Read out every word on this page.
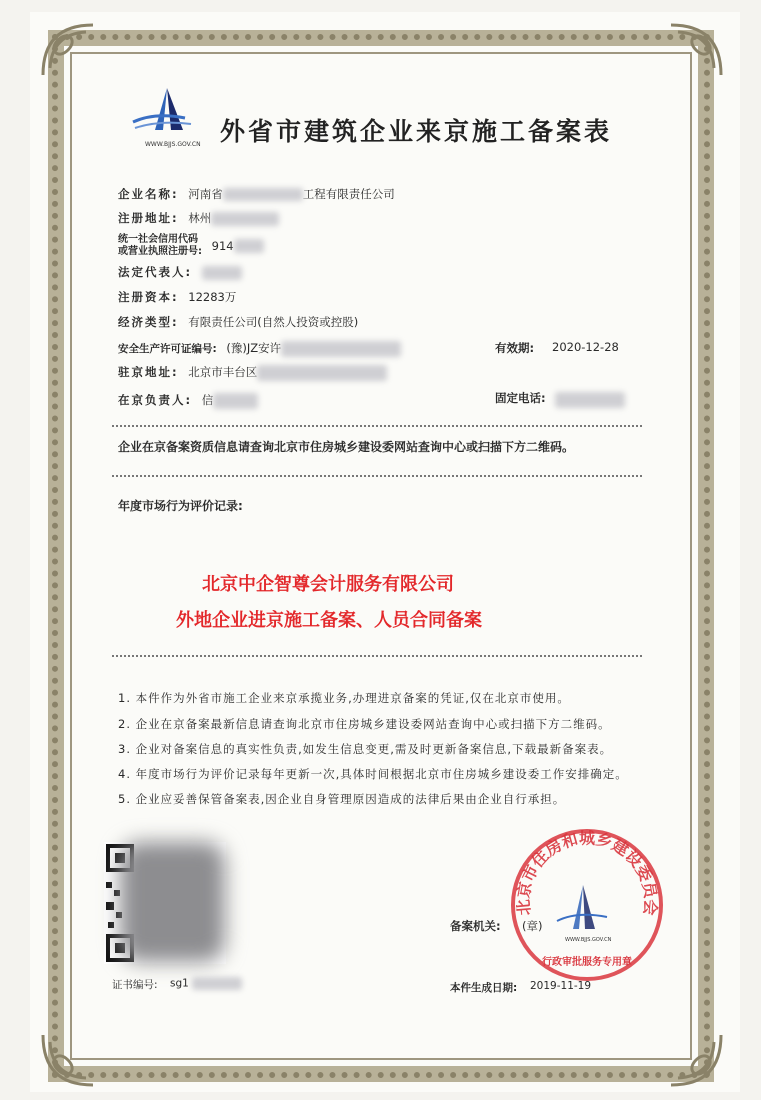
WWW.BJJS.GOV.CN 外省市建筑企业来京施工备案表
企业名称: 河南省	工程有限责任公司
注册地址: 林州
统一社会信用代码
或营业执照注册号: 914
法定代表人:
注册资本: 12283万
经济类型: 有限责任公司(自然人投资或控股)
安全生产许可证编号: (豫)JZ安许	有效期: 2020-12-28
驻京地址: 北京市丰台区
在京负责人: 信	固定电话:
企业在京备案资质信息请查询北京市住房城乡建设委网站查询中心或扫描下方二维码。
年度市场行为评价记录:
北京中企智尊会计服务有限公司
外地企业进京施工备案、人员合同备案
1. 本件作为外省市施工企业来京承揽业务,办理进京备案的凭证,仅在北京市使用。
2. 企业在京备案最新信息请查询北京市住房城乡建设委网站查询中心或扫描下方二维码。
3. 企业对备案信息的真实性负责,如发生信息变更,需及时更新备案信息,下载最新备案表。
4. 年度市场行为评价记录每年更新一次,具体时间根据北京市住房城乡建设委工作安排确定。
5. 企业应妥善保管备案表,因企业自身管理原因造成的法律后果由企业自行承担。
证书编号: sg1
北京市住房和城乡建设委员会
WWW.BJJS.GOV.CN
行政审批服务专用章
备案机关: (章)
本件生成日期: 2019-11-19
